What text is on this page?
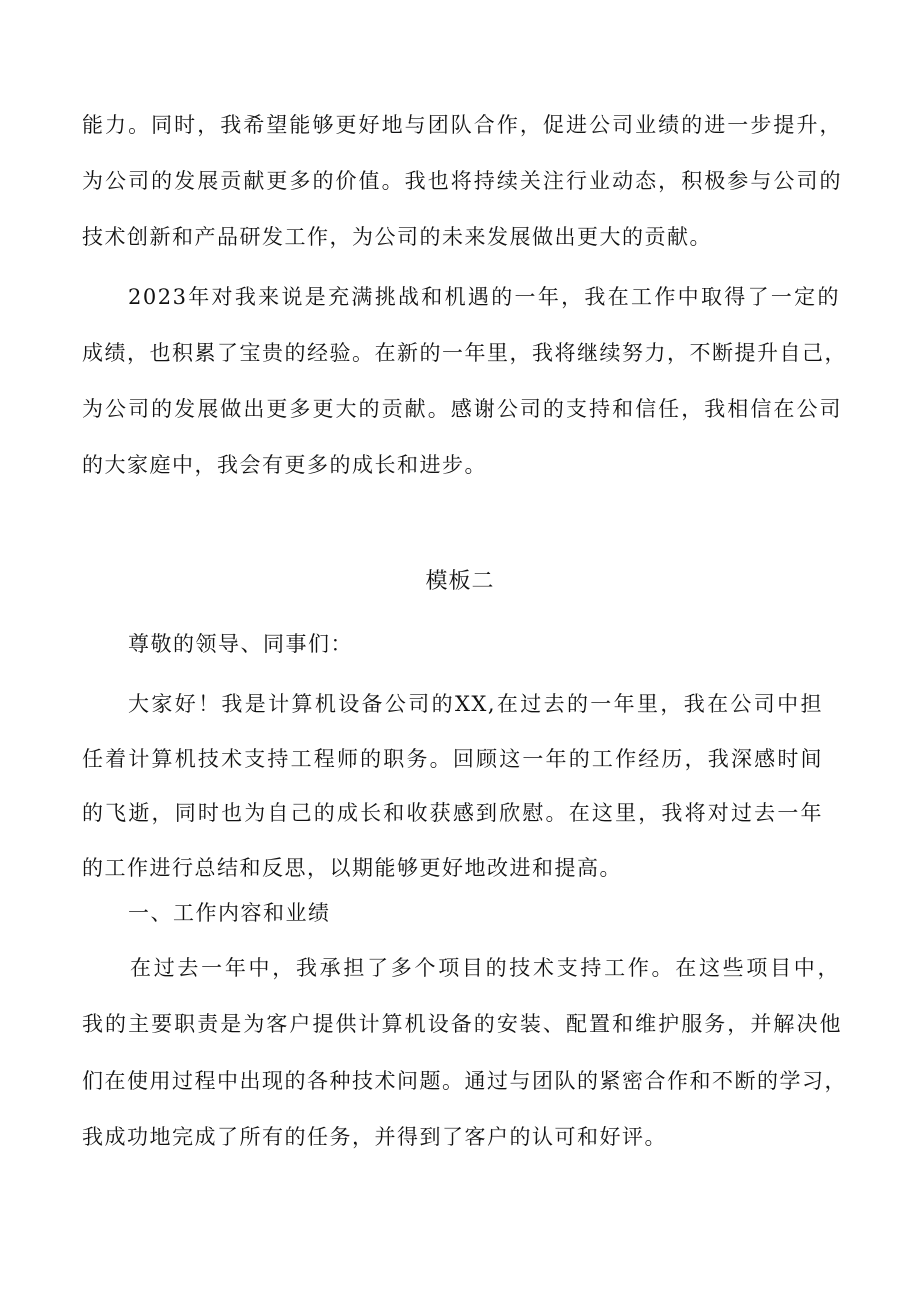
能力。同时，我希望能够更好地与团队合作，促进公司业绩的进一步提升，
为公司的发展贡献更多的价值。我也将持续关注行业动态，积极参与公司的
技术创新和产品研发工作，为公司的未来发展做出更大的贡献。
2023年对我来说是充满挑战和机遇的一年，我在工作中取得了一定的
成绩，也积累了宝贵的经验。在新的一年里，我将继续努力，不断提升自己，
为公司的发展做出更多更大的贡献。感谢公司的支持和信任，我相信在公司
的大家庭中，我会有更多的成长和进步。
模板二
尊敬的领导、同事们：
大家好！我是计算机设备公司的XX,在过去的一年里，我在公司中担
任着计算机技术支持工程师的职务。回顾这一年的工作经历，我深感时间
的飞逝，同时也为自己的成长和收获感到欣慰。在这里，我将对过去一年
的工作进行总结和反思，以期能够更好地改进和提高。
一、工作内容和业绩
在过去一年中，我承担了多个项目的技术支持工作。在这些项目中，
我的主要职责是为客户提供计算机设备的安装、配置和维护服务，并解决他
们在使用过程中出现的各种技术问题。通过与团队的紧密合作和不断的学习，
我成功地完成了所有的任务，并得到了客户的认可和好评。
